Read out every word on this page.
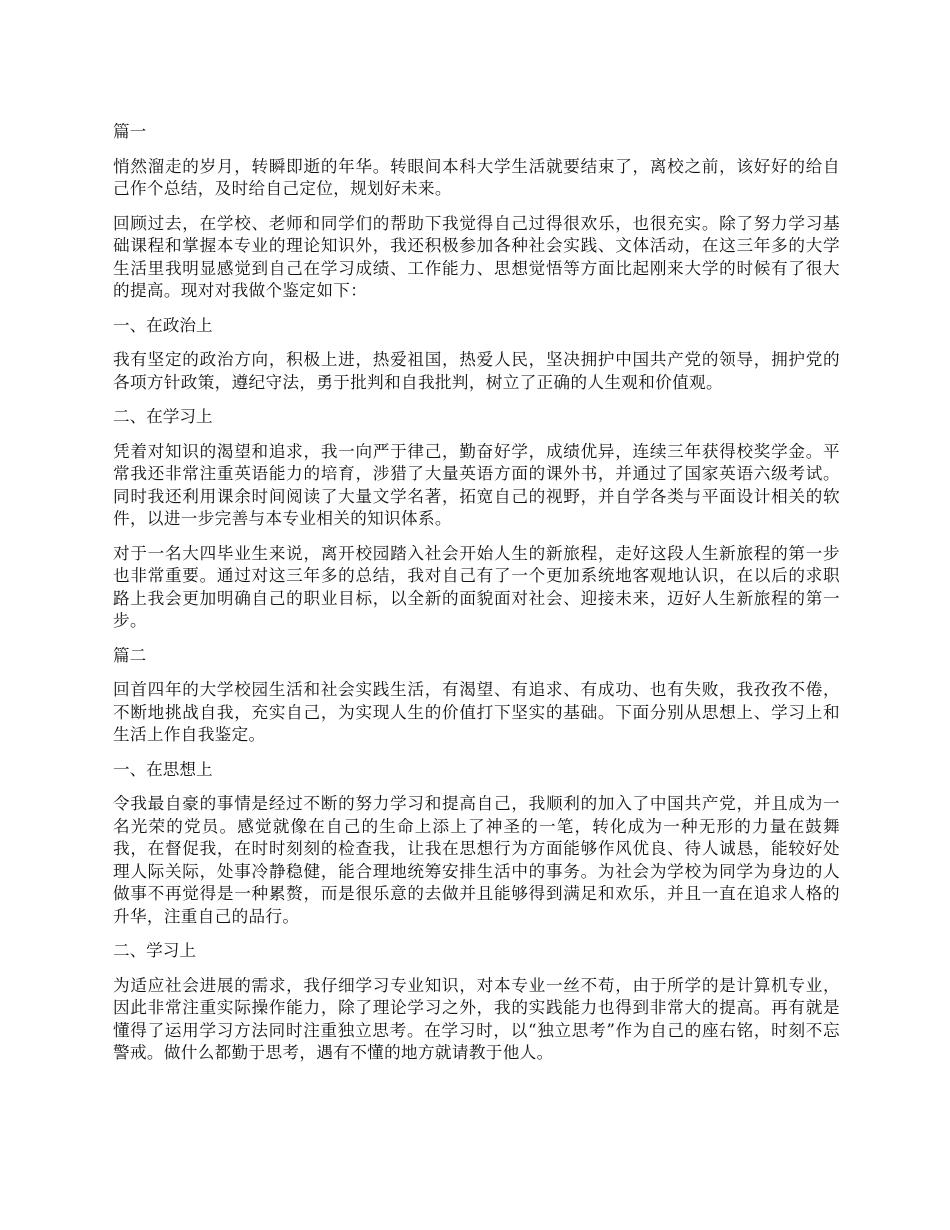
篇一

悄然溜走的岁月，转瞬即逝的年华。转眼间本科大学生活就要结束了，离校之前，该好好的给自己作个总结，及时给自己定位，规划好未来。

回顾过去，在学校、老师和同学们的帮助下我觉得自己过得很欢乐，也很充实。除了努力学习基础课程和掌握本专业的理论知识外，我还积极参加各种社会实践、文体活动，在这三年多的大学生活里我明显感觉到自己在学习成绩、工作能力、思想觉悟等方面比起刚来大学的时候有了很大的提高。现对对我做个鉴定如下：

一、在政治上

我有坚定的政治方向，积极上进，热爱祖国，热爱人民，坚决拥护中国共产党的领导，拥护党的各项方针政策，遵纪守法，勇于批判和自我批判，树立了正确的人生观和价值观。

二、在学习上

凭着对知识的渴望和追求，我一向严于律己，勤奋好学，成绩优异，连续三年获得校奖学金。平常我还非常注重英语能力的培育，涉猎了大量英语方面的课外书，并通过了国家英语六级考试。同时我还利用课余时间阅读了大量文学名著，拓宽自己的视野，并自学各类与平面设计相关的软件，以进一步完善与本专业相关的知识体系。

对于一名大四毕业生来说，离开校园踏入社会开始人生的新旅程，走好这段人生新旅程的第一步也非常重要。通过对这三年多的总结，我对自己有了一个更加系统地客观地认识，在以后的求职路上我会更加明确自己的职业目标，以全新的面貌面对社会、迎接未来，迈好人生新旅程的第一步。

篇二

回首四年的大学校园生活和社会实践生活，有渴望、有追求、有成功、也有失败，我孜孜不倦，不断地挑战自我，充实自己，为实现人生的价值打下坚实的基础。下面分别从思想上、学习上和生活上作自我鉴定。

一、在思想上

令我最自豪的事情是经过不断的努力学习和提高自己，我顺利的加入了中国共产党，并且成为一名光荣的党员。感觉就像在自己的生命上添上了神圣的一笔，转化成为一种无形的力量在鼓舞我，在督促我，在时时刻刻的检查我，让我在思想行为方面能够作风优良、待人诚恳，能较好处理人际关际，处事冷静稳健，能合理地统筹安排生活中的事务。为社会为学校为同学为身边的人做事不再觉得是一种累赘，而是很乐意的去做并且能够得到满足和欢乐，并且一直在追求人格的升华，注重自己的品行。

二、学习上

为适应社会进展的需求，我仔细学习专业知识，对本专业一丝不苟，由于所学的是计算机专业，因此非常注重实际操作能力，除了理论学习之外，我的实践能力也得到非常大的提高。再有就是懂得了运用学习方法同时注重独立思考。在学习时，以“独立思考”作为自己的座右铭，时刻不忘警戒。做什么都勤于思考，遇有不懂的地方就请教于他人。
